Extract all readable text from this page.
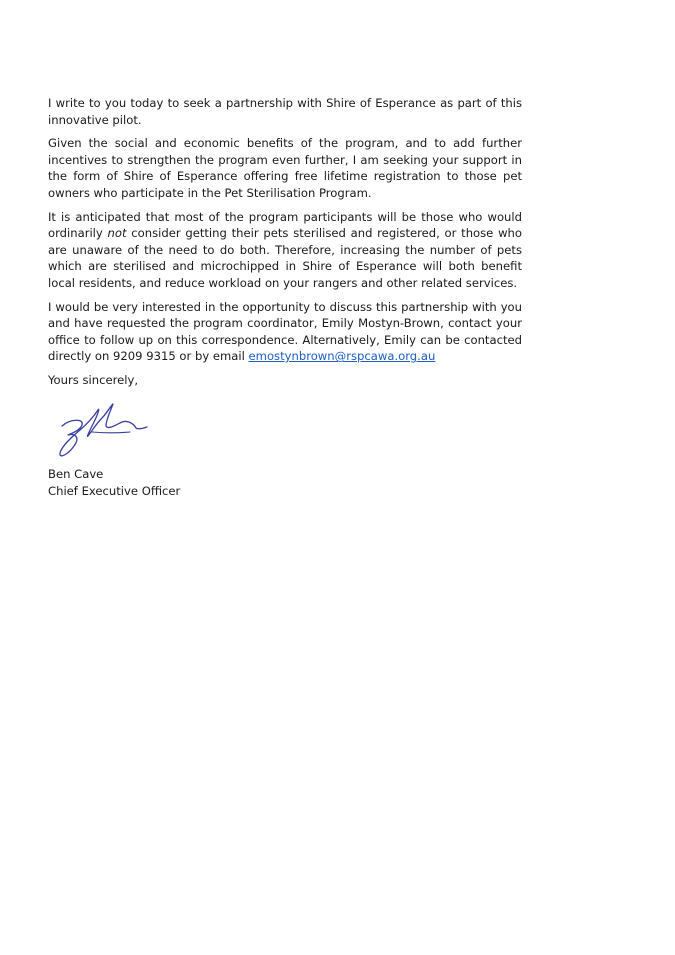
I write to you today to seek a partnership with Shire of Esperance as part of this innovative pilot.

Given the social and economic benefits of the program, and to add further incentives to strengthen the program even further, I am seeking your support in the form of Shire of Esperance offering free lifetime registration to those pet owners who participate in the Pet Sterilisation Program.

It is anticipated that most of the program participants will be those who would ordinarily not consider getting their pets sterilised and registered, or those who are unaware of the need to do both. Therefore, increasing the number of pets which are sterilised and microchipped in Shire of Esperance will both benefit local residents, and reduce workload on your rangers and other related services.

I would be very interested in the opportunity to discuss this partnership with you and have requested the program coordinator, Emily Mostyn-Brown, contact your office to follow up on this correspondence. Alternatively, Emily can be contacted directly on 9209 9315 or by email emostynbrown@rspcawa.org.au

Yours sincerely,

Ben Cave
Chief Executive Officer
